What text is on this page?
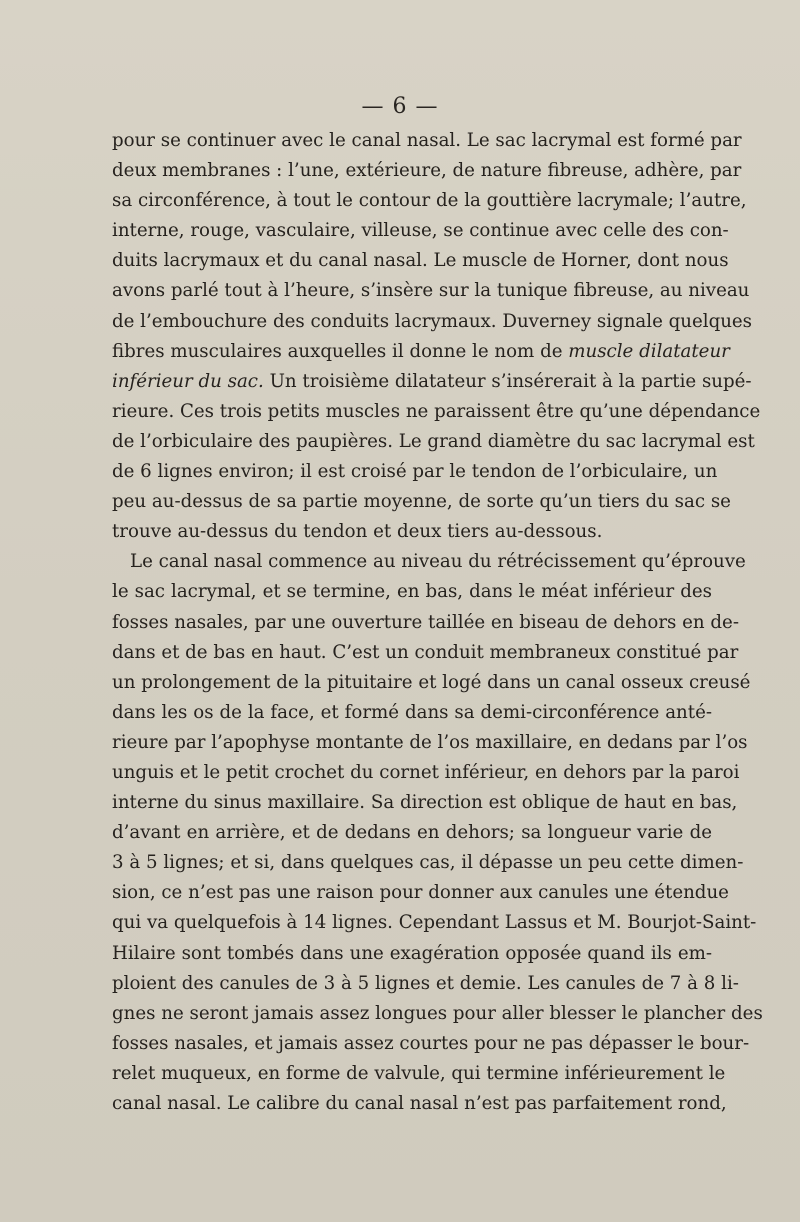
— 6 —
pour se continuer avec le canal nasal. Le sac lacrymal est formé par
deux membranes : l’une, extérieure, de nature fibreuse, adhère, par
sa circonférence, à tout le contour de la gouttière lacrymale; l’autre,
interne, rouge, vasculaire, villeuse, se continue avec celle des con-
duits lacrymaux et du canal nasal. Le muscle de Horner, dont nous
avons parlé tout à l’heure, s’insère sur la tunique fibreuse, au niveau
de l’embouchure des conduits lacrymaux. Duverney signale quelques
fibres musculaires auxquelles il donne le nom de muscle dilatateur
inférieur du sac. Un troisième dilatateur s’insérerait à la partie supé-
rieure. Ces trois petits muscles ne paraissent être qu’une dépendance
de l’orbiculaire des paupières. Le grand diamètre du sac lacrymal est
de 6 lignes environ; il est croisé par le tendon de l’orbiculaire, un
peu au-dessus de sa partie moyenne, de sorte qu’un tiers du sac se
trouve au-dessus du tendon et deux tiers au-dessous.
Le canal nasal commence au niveau du rétrécissement qu’éprouve
le sac lacrymal, et se termine, en bas, dans le méat inférieur des
fosses nasales, par une ouverture taillée en biseau de dehors en de-
dans et de bas en haut. C’est un conduit membraneux constitué par
un prolongement de la pituitaire et logé dans un canal osseux creusé
dans les os de la face, et formé dans sa demi-circonférence anté-
rieure par l’apophyse montante de l’os maxillaire, en dedans par l’os
unguis et le petit crochet du cornet inférieur, en dehors par la paroi
interne du sinus maxillaire. Sa direction est oblique de haut en bas,
d’avant en arrière, et de dedans en dehors; sa longueur varie de
3 à 5 lignes; et si, dans quelques cas, il dépasse un peu cette dimen-
sion, ce n’est pas une raison pour donner aux canules une étendue
qui va quelquefois à 14 lignes. Cependant Lassus et M. Bourjot-Saint-
Hilaire sont tombés dans une exagération opposée quand ils em-
ploient des canules de 3 à 5 lignes et demie. Les canules de 7 à 8 li-
gnes ne seront jamais assez longues pour aller blesser le plancher des
fosses nasales, et jamais assez courtes pour ne pas dépasser le bour-
relet muqueux, en forme de valvule, qui termine inférieurement le
canal nasal. Le calibre du canal nasal n’est pas parfaitement rond,
